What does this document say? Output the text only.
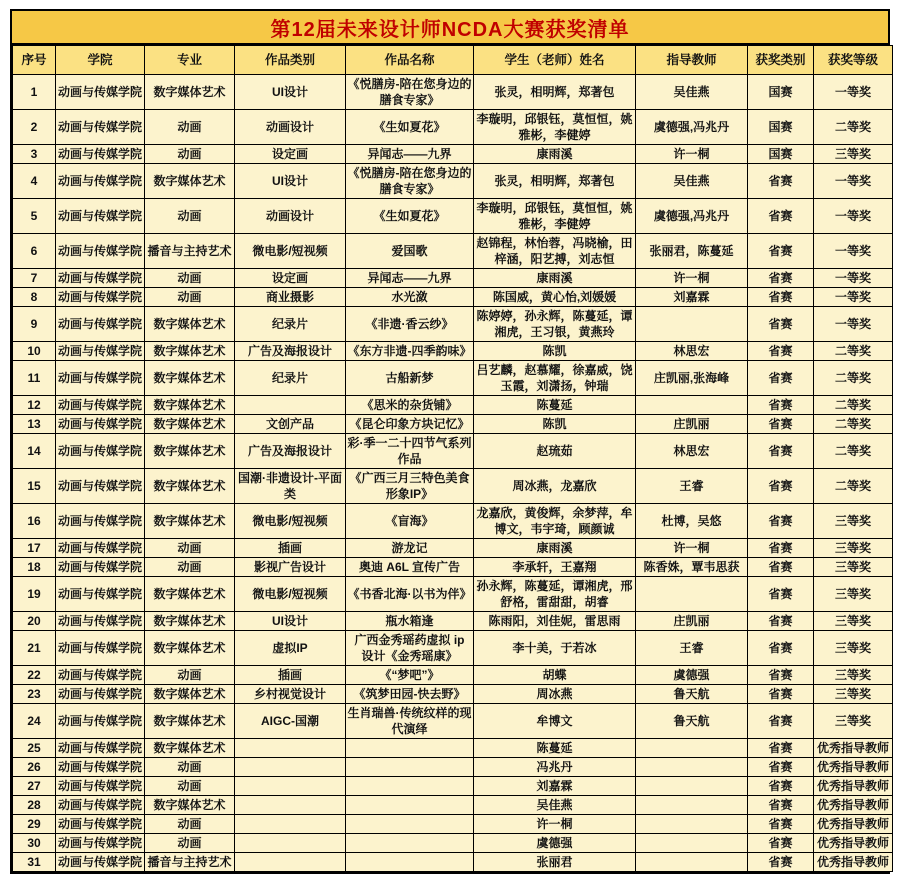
第12届未来设计师NCDA大赛获奖清单
序号	学院	专业	作品类别	作品名称	学生（老师）姓名	指导教师	获奖类别	获奖等级
1	动画与传媒学院	数字媒体艺术	UI设计	《悦膳房-陪在您身边的膳食专家》	张灵，相明辉，郑著包	吴佳燕	国赛	一等奖
2	动画与传媒学院	动画	动画设计	《生如夏花》	李璇明，邱银钰，莫恒恒，姚雅彬，李健婷	虞德强,冯兆丹	国赛	二等奖
3	动画与传媒学院	动画	设定画	异闻志——九界	康雨溪	许一桐	国赛	三等奖
4	动画与传媒学院	数字媒体艺术	UI设计	《悦膳房-陪在您身边的膳食专家》	张灵，相明辉，郑著包	吴佳燕	省赛	一等奖
5	动画与传媒学院	动画	动画设计	《生如夏花》	李璇明，邱银钰，莫恒恒，姚雅彬，李健婷	虞德强,冯兆丹	省赛	一等奖
6	动画与传媒学院	播音与主持艺术	微电影/短视频	爱国歌	赵锦程，林怡蓉，冯晓榆，田梓涵，阳艺搏，刘志恒	张丽君，陈蔓延	省赛	一等奖
7	动画与传媒学院	动画	设定画	异闻志——九界	康雨溪	许一桐	省赛	一等奖
8	动画与传媒学院	动画	商业摄影	水光潋	陈国威，黄心怡,刘媛媛	刘嘉霖	省赛	一等奖
9	动画与传媒学院	数字媒体艺术	纪录片	《非遗·香云纱》	陈婷婷，孙永辉，陈蔓延，谭湘虎，王习银，黄燕玲		省赛	一等奖
10	动画与传媒学院	数字媒体艺术	广告及海报设计	《东方非遗-四季韵味》	陈凯	林思宏	省赛	二等奖
11	动画与传媒学院	数字媒体艺术	纪录片	古船新梦	吕艺麟，赵慕耀，徐嘉威，饶玉霞，刘潇扬，钟瑞	庄凯丽,张海峰	省赛	二等奖
12	动画与传媒学院	数字媒体艺术		《思米的杂货铺》	陈蔓延		省赛	二等奖
13	动画与传媒学院	数字媒体艺术	文创产品	《昆仑印象方块记忆》	陈凯	庄凯丽	省赛	二等奖
14	动画与传媒学院	数字媒体艺术	广告及海报设计	彩·季一二十四节气系列作品	赵琉茹	林思宏	省赛	二等奖
15	动画与传媒学院	数字媒体艺术	国潮·非遗设计-平面类	《广西三月三特色美食形象IP》	周冰燕，龙嘉欣	王睿	省赛	二等奖
16	动画与传媒学院	数字媒体艺术	微电影/短视频	《盲海》	龙嘉欣，黄俊辉，余梦萍，牟博文，韦宇琦，顾颜诚	杜博，吴悠	省赛	三等奖
17	动画与传媒学院	动画	插画	游龙记	康雨溪	许一桐	省赛	三等奖
18	动画与传媒学院	动画	影视广告设计	奥迪 A6L 宣传广告	李承轩，王嘉翔	陈香姝，覃韦思获	省赛	三等奖
19	动画与传媒学院	数字媒体艺术	微电影/短视频	《书香北海·以书为伴》	孙永辉，陈蔓延，谭湘虎，邢舒格，雷甜甜，胡睿		省赛	三等奖
20	动画与传媒学院	数字媒体艺术	UI设计	瓶水箱逢	陈雨阳，刘佳妮，雷思雨	庄凯丽	省赛	三等奖
21	动画与传媒学院	数字媒体艺术	虚拟IP	广西金秀瑶药虚拟 ip 设计《金秀瑶康》	李十美，于若冰	王睿	省赛	三等奖
22	动画与传媒学院	动画	插画	《“梦吧”》	胡蝶	虞德强	省赛	三等奖
23	动画与传媒学院	数字媒体艺术	乡村视觉设计	《筑梦田园-快去野》	周冰燕	鲁天航	省赛	三等奖
24	动画与传媒学院	数字媒体艺术	AIGC-国潮	生肖瑞兽·传统纹样的现代演绎	牟博文	鲁天航	省赛	三等奖
25	动画与传媒学院	数字媒体艺术			陈蔓延		省赛	优秀指导教师
26	动画与传媒学院	动画			冯兆丹		省赛	优秀指导教师
27	动画与传媒学院	动画			刘嘉霖		省赛	优秀指导教师
28	动画与传媒学院	数字媒体艺术			吴佳燕		省赛	优秀指导教师
29	动画与传媒学院	动画			许一桐		省赛	优秀指导教师
30	动画与传媒学院	动画			虞德强		省赛	优秀指导教师
31	动画与传媒学院	播音与主持艺术			张丽君		省赛	优秀指导教师
